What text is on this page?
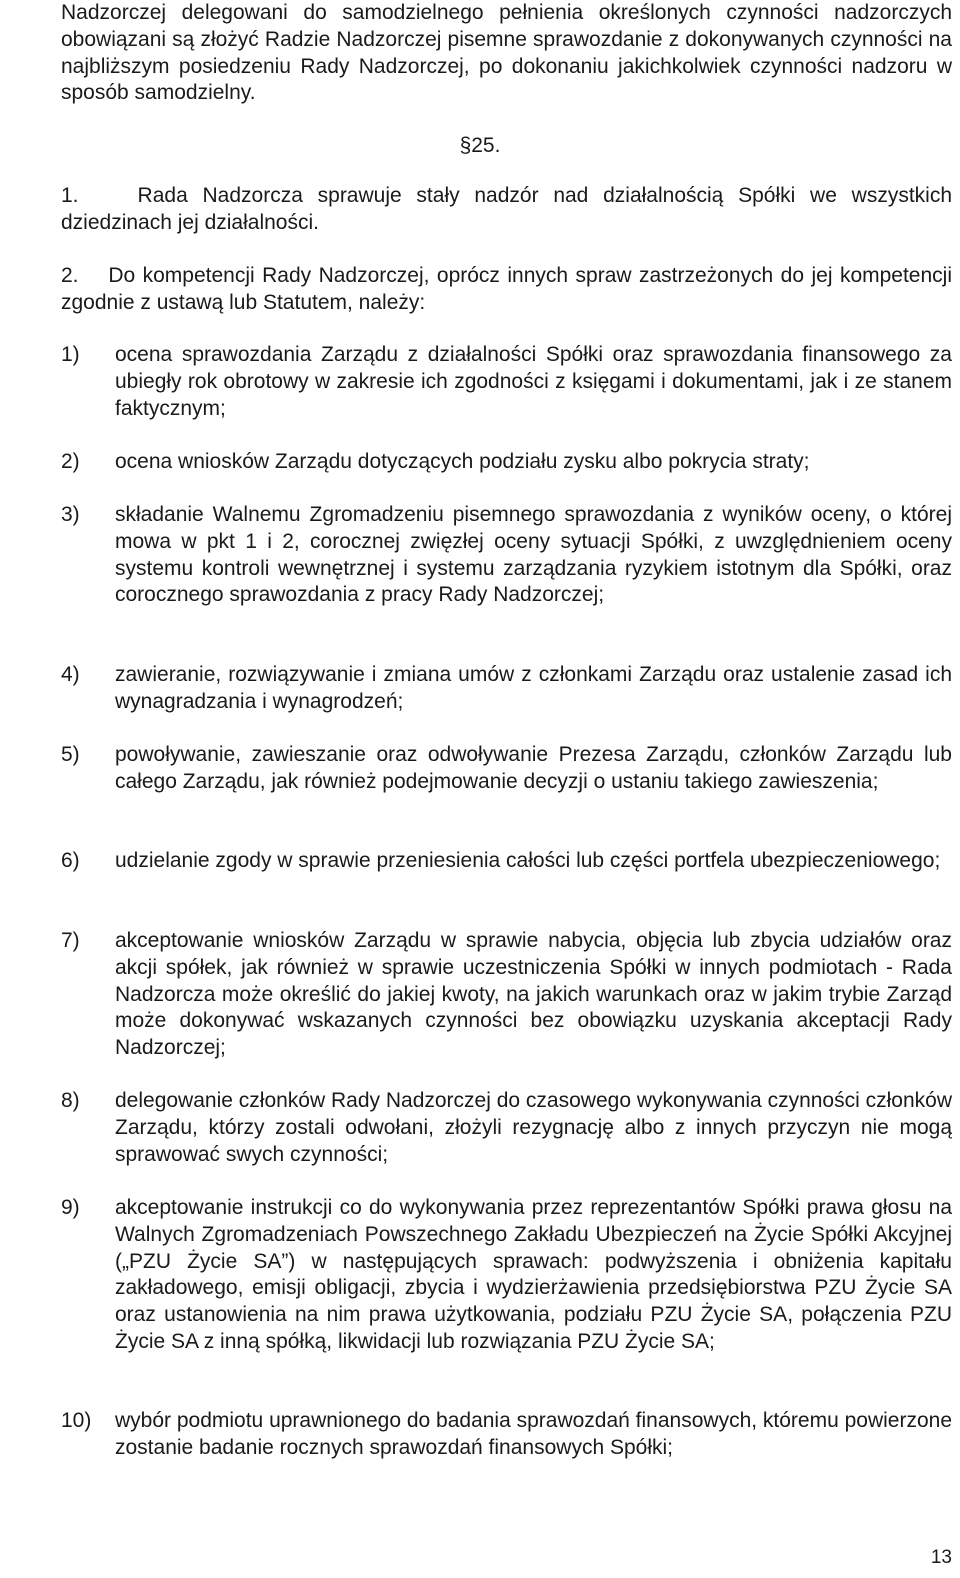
Nadzorczej delegowani do samodzielnego pełnienia określonych czynności nadzorczych obowiązani są złożyć Radzie Nadzorczej pisemne sprawozdanie z dokonywanych czynności na najbliższym posiedzeniu Rady Nadzorczej, po dokonaniu jakichkolwiek czynności nadzoru w sposób samodzielny.
§25.
1.	Rada Nadzorcza sprawuje stały nadzór nad działalnością Spółki we wszystkich dziedzinach jej działalności.
2. Do kompetencji Rady Nadzorczej, oprócz innych spraw zastrzeżonych do jej kompetencji zgodnie z ustawą lub Statutem, należy:
1)	ocena sprawozdania Zarządu z działalności Spółki oraz sprawozdania finansowego za ubiegły rok obrotowy w zakresie ich zgodności z księgami i dokumentami, jak i ze stanem faktycznym;
2)	ocena wniosków Zarządu dotyczących podziału zysku albo pokrycia straty;
3)	składanie Walnemu Zgromadzeniu pisemnego sprawozdania z wyników oceny, o której mowa w pkt 1 i 2, corocznej zwięzłej oceny sytuacji Spółki, z uwzględnieniem oceny systemu kontroli wewnętrznej i systemu zarządzania ryzykiem istotnym dla Spółki, oraz corocznego sprawozdania z pracy Rady Nadzorczej;
4)	zawieranie, rozwiązywanie i zmiana umów z członkami Zarządu oraz ustalenie zasad ich wynagradzania i wynagrodzeń;
5)	powoływanie, zawieszanie oraz odwoływanie Prezesa Zarządu, członków Zarządu lub całego Zarządu, jak również podejmowanie decyzji o ustaniu takiego zawieszenia;
6)	udzielanie zgody w sprawie przeniesienia całości lub części portfela ubezpieczeniowego;
7)	akceptowanie wniosków Zarządu w sprawie nabycia, objęcia lub zbycia udziałów oraz akcji spółek, jak również w sprawie uczestniczenia Spółki w innych podmiotach - Rada Nadzorcza może określić do jakiej kwoty, na jakich warunkach oraz w jakim trybie Zarząd może dokonywać wskazanych czynności bez obowiązku uzyskania akceptacji Rady Nadzorczej;
8)	delegowanie członków Rady Nadzorczej do czasowego wykonywania czynności członków Zarządu, którzy zostali odwołani, złożyli rezygnację albo z innych przyczyn nie mogą sprawować swych czynności;
9)	akceptowanie instrukcji co do wykonywania przez reprezentantów Spółki prawa głosu na Walnych Zgromadzeniach Powszechnego Zakładu Ubezpieczeń na Życie Spółki Akcyjnej („PZU Życie SA”) w następujących sprawach: podwyższenia i obniżenia kapitału zakładowego, emisji obligacji, zbycia i wydzierżawienia przedsiębiorstwa PZU Życie SA oraz ustanowienia na nim prawa użytkowania, podziału PZU Życie SA, połączenia PZU Życie SA z inną spółką, likwidacji lub rozwiązania PZU Życie SA;
10)	wybór podmiotu uprawnionego do badania sprawozdań finansowych, któremu powierzone zostanie badanie rocznych sprawozdań finansowych Spółki;
13
